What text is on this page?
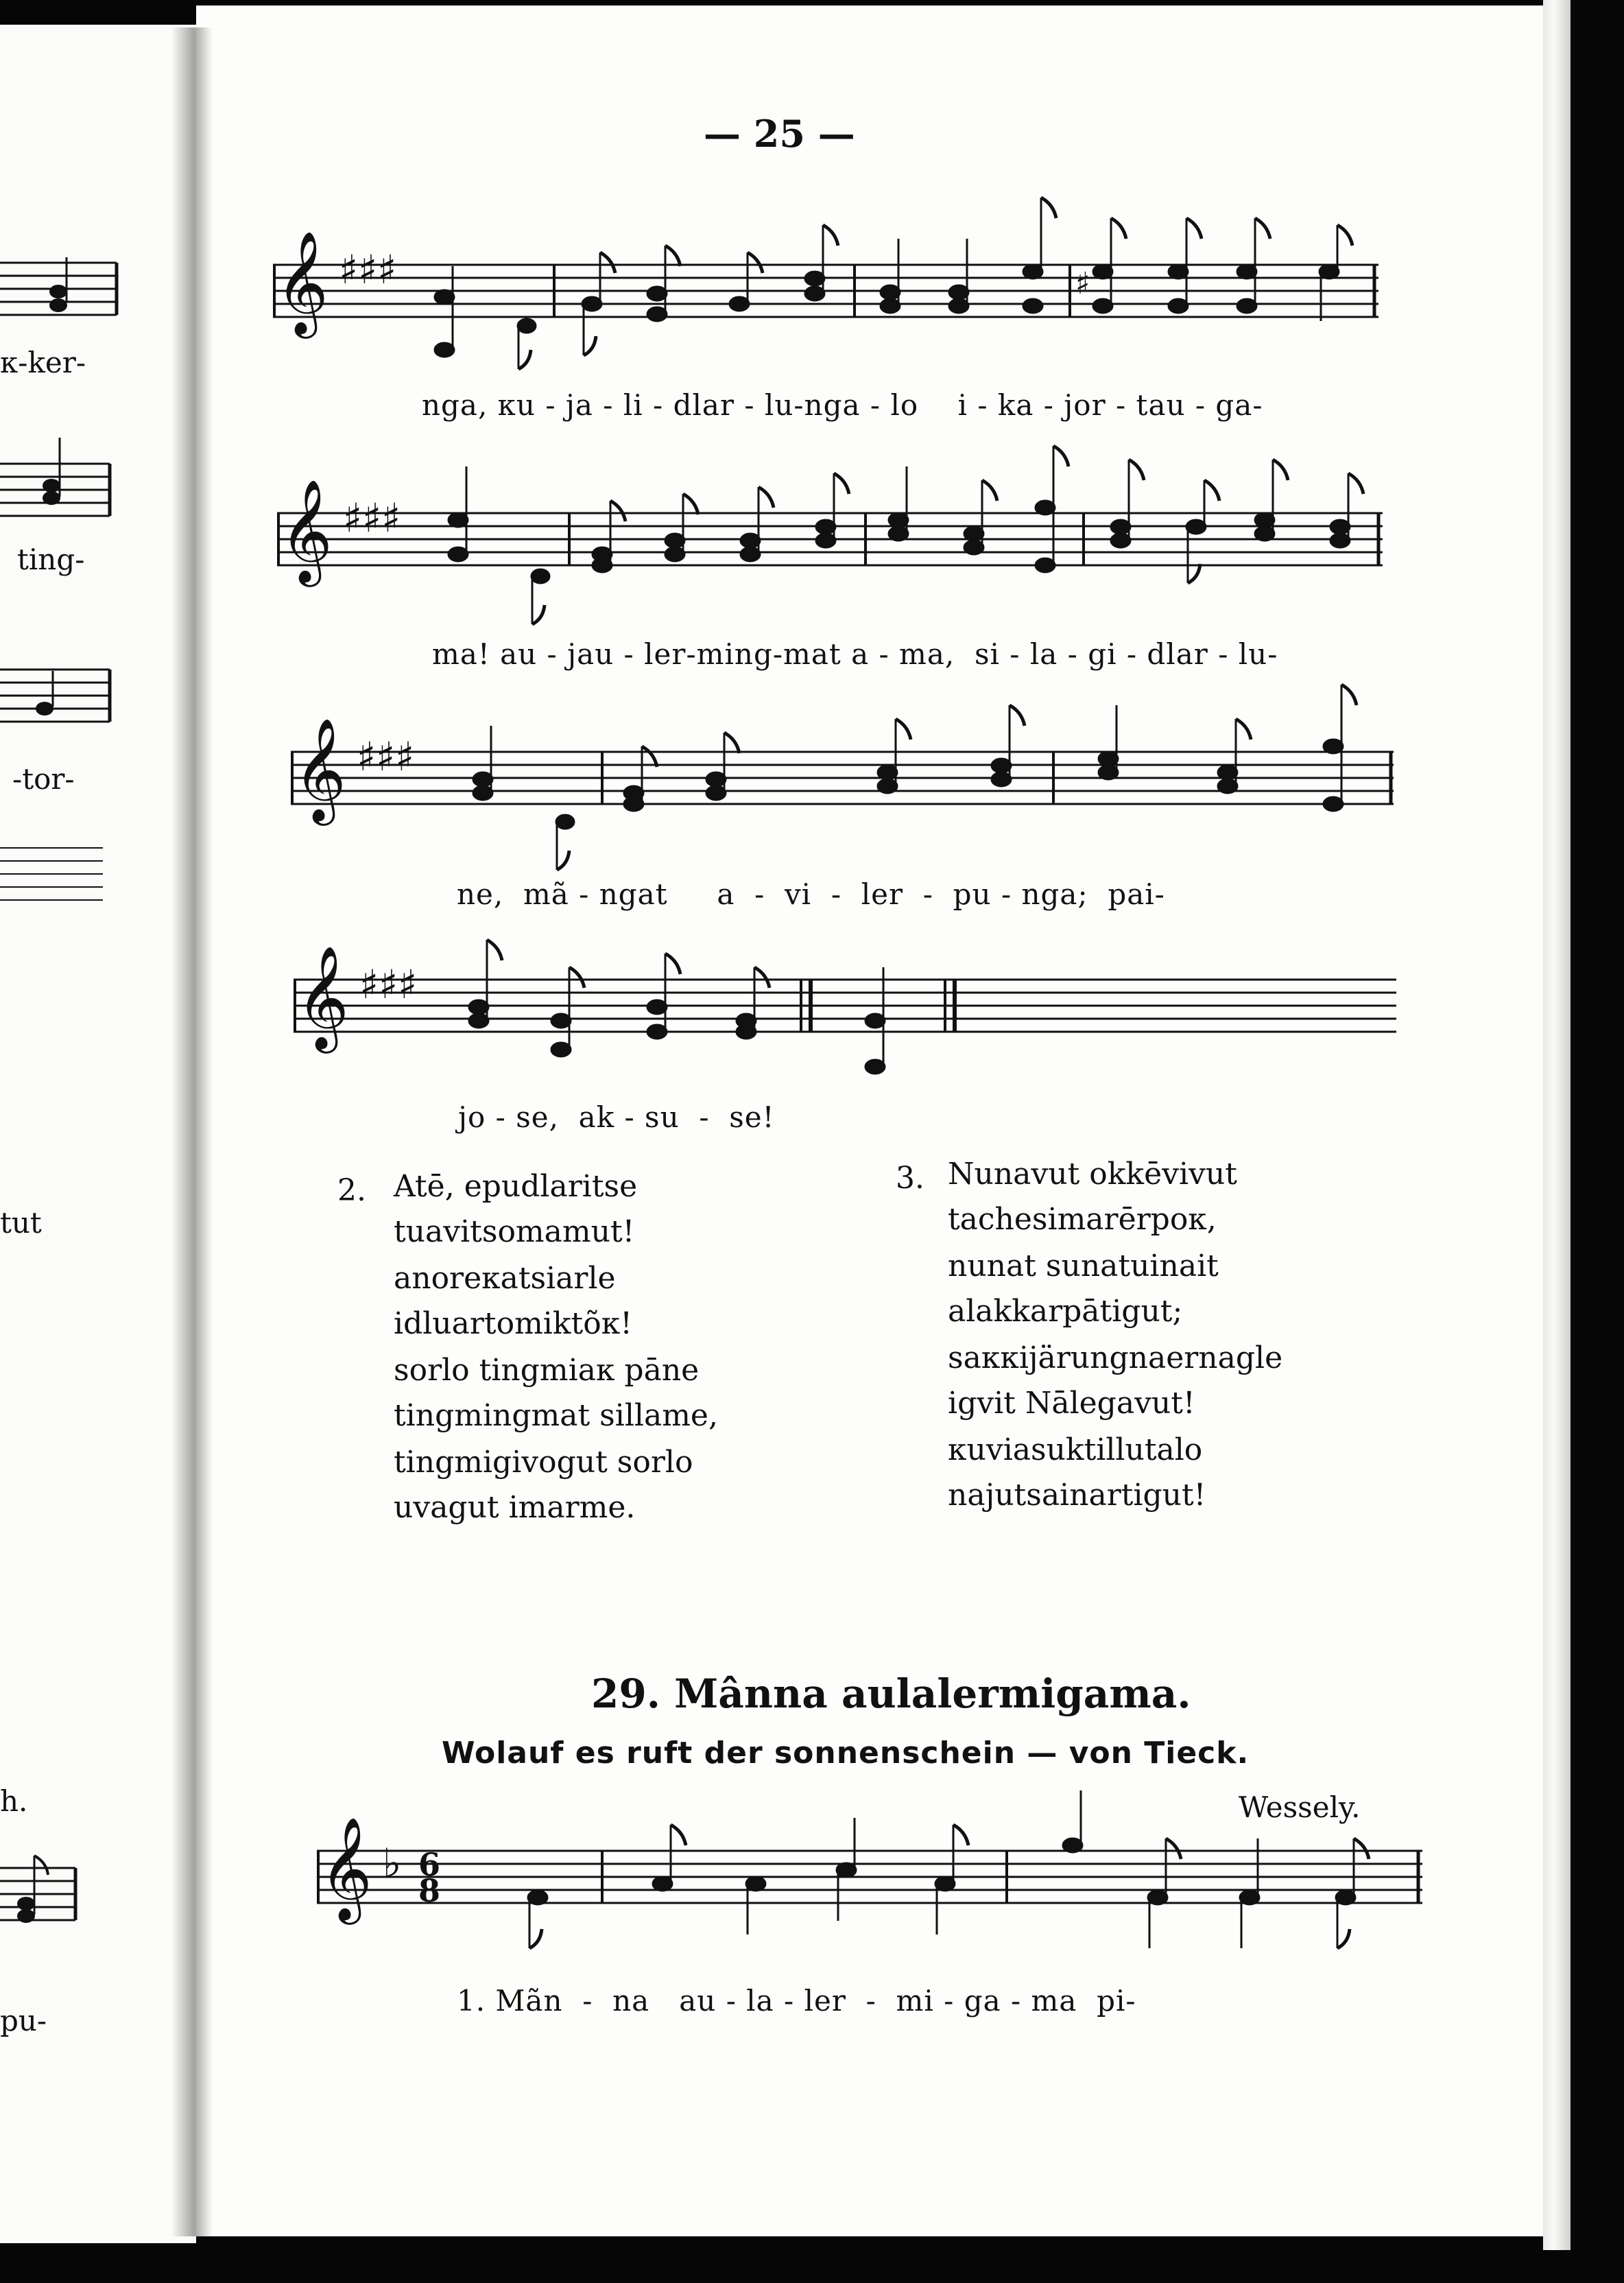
к-ker-
ting-
-tor-
tut
h.
pu-
— 25 —
𝄞 ♯♯♯	♯
nga, кu - ja - li - dlar - lu-nga - lo    i - ka - jor - tau - ga-
𝄞 ♯♯♯
ma! au - jau - ler-ming-mat a - ma,  si - la - gi - dlar - lu-
𝄞 ♯♯♯
ne,  mã - ngat     a  -  vi  -  ler  -  pu - nga;  pai-
𝄞 ♯♯♯
jo - se,  ak - su  -  se!
2. Atē, epudlaritse
tuavitsomamut!
anoreкatsiarle
idluartomiktõк!
sorlo tingmiaк pāne
tingmingmat sillame,
tingmigivogut sorlo
uvagut imarme.
3. Nunavut okkēvivut
tachesimarērpoк,
nunat sunatuinait
alakkarpātigut;
saккijärungnaernagle
igvit Nālegavut!
кuviasuktillutalo
najutsainartigut!
29. Mânna aulalermigama.
Wolauf es ruft der sonnenschein — von Tieck.
Wessely.
𝄞 ♭ 6
8
1. Mãn  -  na   au - la - ler  -  mi - ga - ma  pi-
